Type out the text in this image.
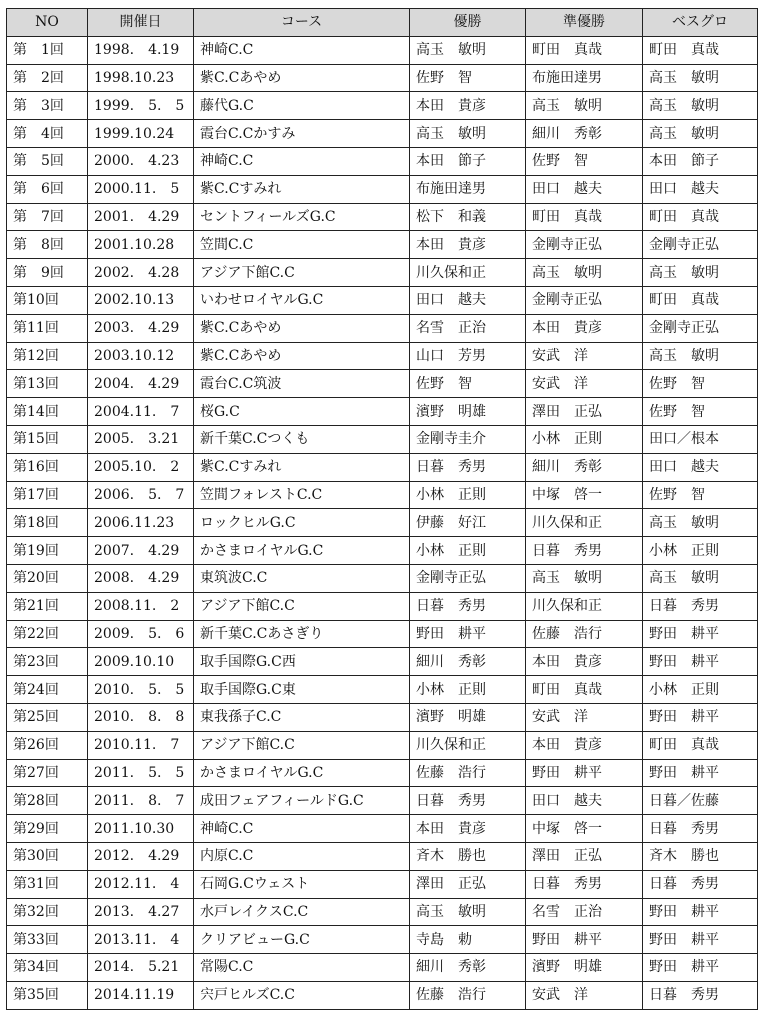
NO	開催日	コース	優勝	準優勝	ベスグロ
第　1回	1998.　4.19	神崎C.C	高玉　敏明	町田　真哉	町田　真哉
第　2回	1998.10.23	紫C.Cあやめ	佐野　智	布施田達男	高玉　敏明
第　3回	1999.　5.　5	藤代G.C	本田　貴彦	高玉　敏明	高玉　敏明
第　4回	1999.10.24	霞台C.Cかすみ	高玉　敏明	細川　秀彰	高玉　敏明
第　5回	2000.　4.23	神崎C.C	本田　節子	佐野　智	本田　節子
第　6回	2000.11.　5	紫C.Cすみれ	布施田達男	田口　越夫	田口　越夫
第　7回	2001.　4.29	セントフィールズG.C	松下　和義	町田　真哉	町田　真哉
第　8回	2001.10.28	笠間C.C	本田　貴彦	金剛寺正弘	金剛寺正弘
第　9回	2002.　4.28	アジア下館C.C	川久保和正	高玉　敏明	高玉　敏明
第10回	2002.10.13	いわせロイヤルG.C	田口　越夫	金剛寺正弘	町田　真哉
第11回	2003.　4.29	紫C.Cあやめ	名雪　正治	本田　貴彦	金剛寺正弘
第12回	2003.10.12	紫C.Cあやめ	山口　芳男	安武　洋	高玉　敏明
第13回	2004.　4.29	霞台C.C筑波	佐野　智	安武　洋	佐野　智
第14回	2004.11.　7	桜G.C	濱野　明雄	澤田　正弘	佐野　智
第15回	2005.　3.21	新千葉C.Cつくも	金剛寺圭介	小林　正則	田口／根本
第16回	2005.10.　2	紫C.Cすみれ	日暮　秀男	細川　秀彰	田口　越夫
第17回	2006.　5.　7	笠間フォレストC.C	小林　正則	中塚　啓一	佐野　智
第18回	2006.11.23	ロックヒルG.C	伊藤　好江	川久保和正	高玉　敏明
第19回	2007.　4.29	かさまロイヤルG.C	小林　正則	日暮　秀男	小林　正則
第20回	2008.　4.29	東筑波C.C	金剛寺正弘	高玉　敏明	高玉　敏明
第21回	2008.11.　2	アジア下館C.C	日暮　秀男	川久保和正	日暮　秀男
第22回	2009.　5.　6	新千葉C.Cあさぎり	野田　耕平	佐藤　浩行	野田　耕平
第23回	2009.10.10	取手国際G.C西	細川　秀彰	本田　貴彦	野田　耕平
第24回	2010.　5.　5	取手国際G.C東	小林　正則	町田　真哉	小林　正則
第25回	2010.　8.　8	東我孫子C.C	濱野　明雄	安武　洋	野田　耕平
第26回	2010.11.　7	アジア下館C.C	川久保和正	本田　貴彦	町田　真哉
第27回	2011.　5.　5	かさまロイヤルG.C	佐藤　浩行	野田　耕平	野田　耕平
第28回	2011.　8.　7	成田フェアフィールドG.C	日暮　秀男	田口　越夫	日暮／佐藤
第29回	2011.10.30	神崎C.C	本田　貴彦	中塚　啓一	日暮　秀男
第30回	2012.　4.29	内原C.C	斉木　勝也	澤田　正弘	斉木　勝也
第31回	2012.11.　4	石岡G.Cウェスト	澤田　正弘	日暮　秀男	日暮　秀男
第32回	2013.　4.27	水戸レイクスC.C	高玉　敏明	名雪　正治	野田　耕平
第33回	2013.11.　4	クリアビューG.C	寺島　勅	野田　耕平	野田　耕平
第34回	2014.　5.21	常陽C.C	細川　秀彰	濱野　明雄	野田　耕平
第35回	2014.11.19	宍戸ヒルズC.C	佐藤　浩行	安武　洋	日暮　秀男
